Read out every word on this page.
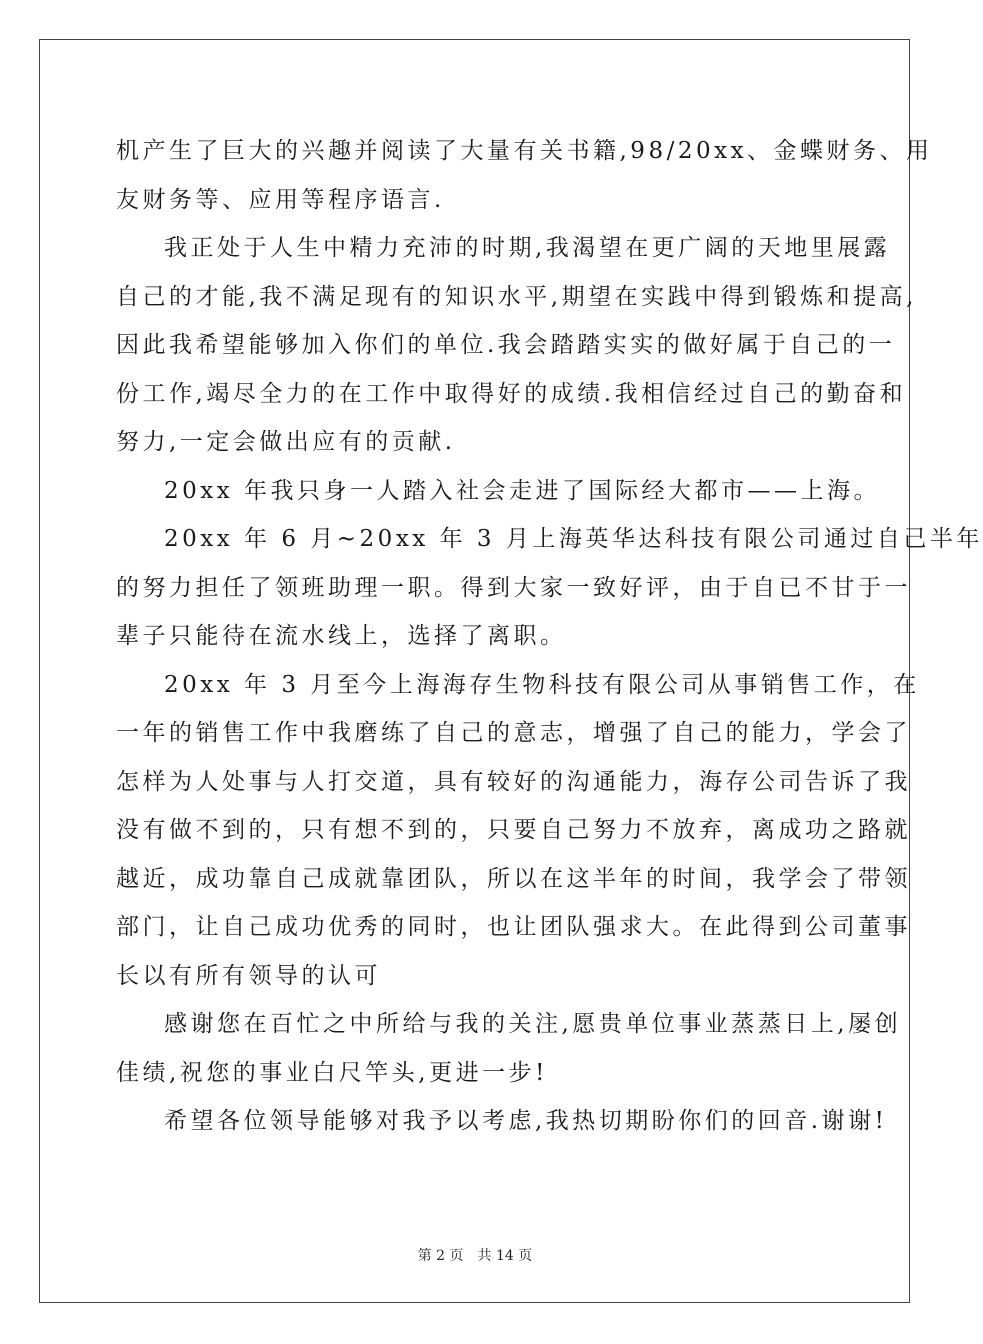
机产生了巨大的兴趣并阅读了大量有关书籍,98/20xx、金蝶财务、用
友财务等、应用等程序语言.
我正处于人生中精力充沛的时期,我渴望在更广阔的天地里展露
自己的才能,我不满足现有的知识水平,期望在实践中得到锻炼和提高,
因此我希望能够加入你们的单位.我会踏踏实实的做好属于自己的一
份工作,竭尽全力的在工作中取得好的成绩.我相信经过自己的勤奋和
努力,一定会做出应有的贡献.
20xx 年我只身一人踏入社会走进了国际经大都市——上海。
20xx 年 6 月~20xx 年 3 月上海英华达科技有限公司通过自己半年
的努力担任了领班助理一职。得到大家一致好评，由于自已不甘于一
辈子只能待在流水线上，选择了离职。
20xx 年 3 月至今上海海存生物科技有限公司从事销售工作，在
一年的销售工作中我磨练了自己的意志，增强了自己的能力，学会了
怎样为人处事与人打交道，具有较好的沟通能力，海存公司告诉了我
没有做不到的，只有想不到的，只要自己努力不放弃，离成功之路就
越近，成功靠自己成就靠团队，所以在这半年的时间，我学会了带领
部门，让自己成功优秀的同时，也让团队强求大。在此得到公司董事
长以有所有领导的认可
感谢您在百忙之中所给与我的关注,愿贵单位事业蒸蒸日上,屡创
佳绩,祝您的事业白尺竿头,更进一步!
希望各位领导能够对我予以考虑,我热切期盼你们的回音.谢谢!
第 2 页 共 14 页
